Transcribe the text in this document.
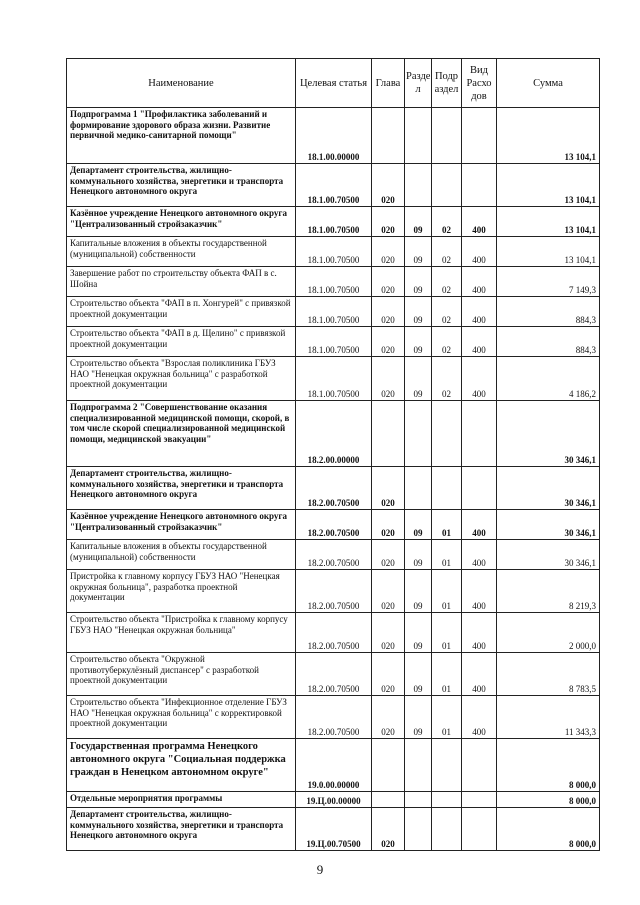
Наименование	Целевая статья	Глава	Разде л	Подр аздел	Вид Расхо дов	Сумма
Подпрограмма 1 "Профилактика заболеваний и формирование здорового образа жизни. Развитие первичной медико-санитарной помощи"	18.1.00.00000					13 104,1
Департамент строительства, жилищно-коммунального хозяйства, энергетики и транспорта Ненецкого автономного округа	18.1.00.70500	020				13 104,1
Казённое учреждение Ненецкого автономного округа "Централизованный стройзаказчик"	18.1.00.70500	020	09	02	400	13 104,1
Капитальные вложения в объекты государственной (муниципальной) собственности	18.1.00.70500	020	09	02	400	13 104,1
Завершение работ по строительству объекта ФАП в с. Шойна	18.1.00.70500	020	09	02	400	7 149,3
Строительство объекта "ФАП в п. Хонгурей" с привязкой проектной документации	18.1.00.70500	020	09	02	400	884,3
Строительство объекта "ФАП в д. Щелино" с привязкой проектной документации	18.1.00.70500	020	09	02	400	884,3
Строительство объекта "Взрослая поликлиника ГБУЗ НАО "Ненецкая окружная больница" с разработкой проектной документации	18.1.00.70500	020	09	02	400	4 186,2
Подпрограмма 2 "Совершенствование оказания специализированной медицинской помощи, скорой, в том числе скорой специализированной медицинской помощи, медицинской эвакуации"	18.2.00.00000					30 346,1
Департамент строительства, жилищно-коммунального хозяйства, энергетики и транспорта Ненецкого автономного округа	18.2.00.70500	020				30 346,1
Казённое учреждение Ненецкого автономного округа "Централизованный стройзаказчик"	18.2.00.70500	020	09	01	400	30 346,1
Капитальные вложения в объекты государственной (муниципальной) собственности	18.2.00.70500	020	09	01	400	30 346,1
Пристройка к главному корпусу ГБУЗ НАО "Ненецкая окружная больница", разработка проектной документации	18.2.00.70500	020	09	01	400	8 219,3
Строительство объекта "Пристройка к главному корпусу ГБУЗ НАО "Ненецкая окружная больница"	18.2.00.70500	020	09	01	400	2 000,0
Строительство объекта "Окружной противотуберкулёзный диспансер" с разработкой проектной документации	18.2.00.70500	020	09	01	400	8 783,5
Строительство объекта "Инфекционное отделение ГБУЗ НАО "Ненецкая окружная больница" с корректировкой проектной документации	18.2.00.70500	020	09	01	400	11 343,3
Государственная программа Ненецкого автономного округа "Социальная поддержка граждан в Ненецком автономном округе"	19.0.00.00000					8 000,0
Отдельные мероприятия программы	19.Ц.00.00000					8 000,0
Департамент строительства, жилищно-коммунального хозяйства, энергетики и транспорта Ненецкого автономного округа	19.Ц.00.70500	020				8 000,0
9
